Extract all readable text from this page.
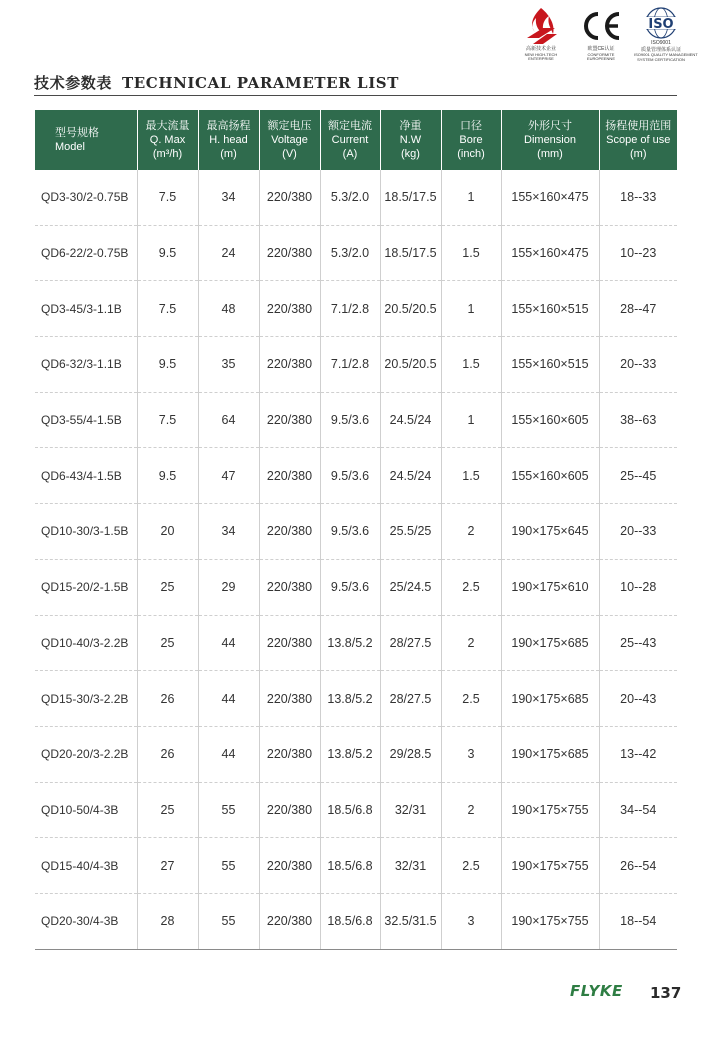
高新技术企业
NEW HIGH-TECH
ENTERPRISE
欧盟CE认证
CONFORMITE
EUROPEENNE
ISO
ISO9001
质量管理体系认证
ISO9001 QUALITY MANAGEMENT
SYSTEM CERTIFICATION
技术参数表 TECHNICAL PARAMETER LIST
型号规格
Model	最大流量
Q. Max
(m³/h)	最高扬程
H. head
(m)	额定电压
Voltage
(V)	额定电流
Current
(A)	净重
N.W
(kg)	口径
Bore
(inch)	外形尺寸
Dimension
(mm)	扬程使用范围
Scope of use
(m)

QD3-30/2-0.75B	7.5	34	220/380	5.3/2.0	18.5/17.5	1	155×160×475	18--33
QD6-22/2-0.75B	9.5	24	220/380	5.3/2.0	18.5/17.5	1.5	155×160×475	10--23
QD3-45/3-1.1B	7.5	48	220/380	7.1/2.8	20.5/20.5	1	155×160×515	28--47
QD6-32/3-1.1B	9.5	35	220/380	7.1/2.8	20.5/20.5	1.5	155×160×515	20--33
QD3-55/4-1.5B	7.5	64	220/380	9.5/3.6	24.5/24	1	155×160×605	38--63
QD6-43/4-1.5B	9.5	47	220/380	9.5/3.6	24.5/24	1.5	155×160×605	25--45
QD10-30/3-1.5B	20	34	220/380	9.5/3.6	25.5/25	2	190×175×645	20--33
QD15-20/2-1.5B	25	29	220/380	9.5/3.6	25/24.5	2.5	190×175×610	10--28
QD10-40/3-2.2B	25	44	220/380	13.8/5.2	28/27.5	2	190×175×685	25--43
QD15-30/3-2.2B	26	44	220/380	13.8/5.2	28/27.5	2.5	190×175×685	20--43
QD20-20/3-2.2B	26	44	220/380	13.8/5.2	29/28.5	3	190×175×685	13--42
QD10-50/4-3B	25	55	220/380	18.5/6.8	32/31	2	190×175×755	34--54
QD15-40/4-3B	27	55	220/380	18.5/6.8	32/31	2.5	190×175×755	26--54
QD20-30/4-3B	28	55	220/380	18.5/6.8	32.5/31.5	3	190×175×755	18--54
FLYKE 137
